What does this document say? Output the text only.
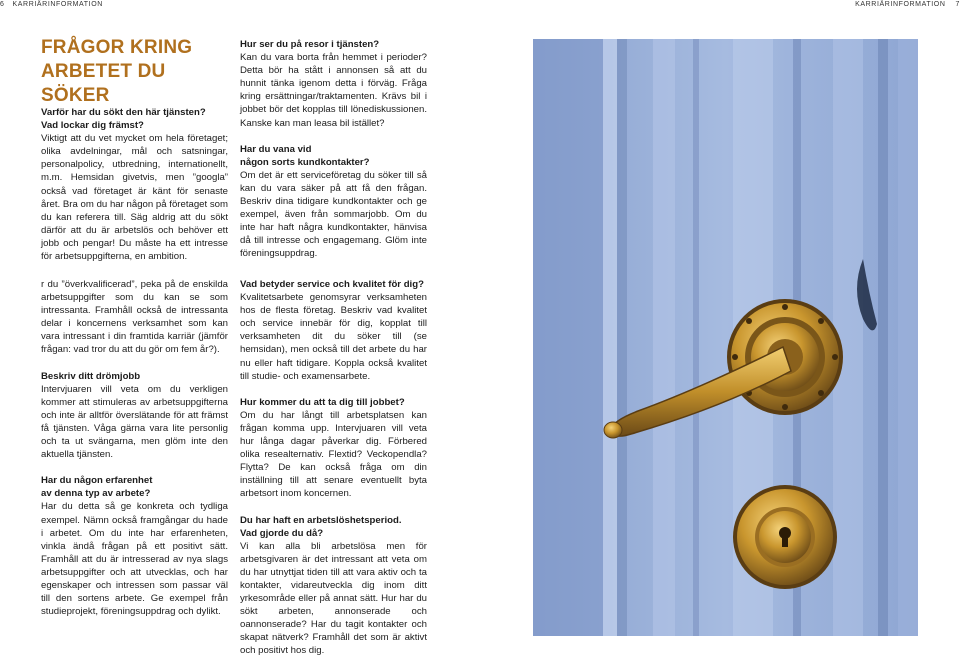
6 KARRIÄRINFORMATION	KARRIÄRINFORMATION 7
FRÅGOR KRING
ARBETET DU SÖKER
Varför har du sökt den här tjänsten?
Vad lockar dig främst?

Viktigt att du vet mycket om hela företaget; olika avdelningar, mål och satsningar, personalpolicy, utbredning, internationellt, m.m. Hemsidan givetvis, men ”googla” också vad företaget är känt för senaste året. Bra om du har någon på företaget som du kan referera till. Säg aldrig att du sökt därför att du är arbetslös och behöver ett jobb och pengar! Du måste ha ett intresse för arbetsuppgifterna, en ambition.

r du ”överkvalificerad”, peka på de enskilda arbetsuppgifter som du kan se som intressanta. Framhåll också de intressanta delar i koncernens verksamhet som kan vara intressant i din framtida karriär (jämför frågan: vad tror du att du gör om fem år?).

Beskriv ditt drömjobb

Intervjuaren vill veta om du verkligen kommer att stimuleras av arbetsuppgifterna och inte är alltför överslätande för att främst få tjänsten. Våga gärna vara lite personlig och ta ut svängarna, men glöm inte den aktuella tjänsten.

Har du någon erfarenhet
av denna typ av arbete?

Har du detta så ge konkreta och tydliga exempel. Nämn också framgångar du hade i arbetet. Om du inte har erfarenheten, vinkla ändå frågan på ett positivt sätt. Framhåll att du är intresserad av nya slags arbetsuppgifter och att utvecklas, och har egenskaper och intressen som passar väl till den sortens arbete. Ge exempel från studieprojekt, föreningsuppdrag och dylikt.

Hur ser du på resor i tjänsten?

Kan du vara borta från hemmet i perioder? Detta bör ha stått i annonsen så att du hunnit tänka igenom detta i förväg. Fråga kring ersättningar/traktamenten. Krävs bil i jobbet bör det kopplas till lönediskussionen. Kanske kan man leasa bil istället?

Har du vana vid
någon sorts kundkontakter?

Om det är ett serviceföretag du söker till så kan du vara säker på att få den frågan. Beskriv dina tidigare kundkontakter och ge exempel, även från sommarjobb. Om du inte har haft några kundkontakter, hänvisa då till intresse och engagemang. Glöm inte föreningsuppdrag.

Vad betyder service och kvalitet för dig?

Kvalitetsarbete genomsyrar verksamheten hos de flesta företag. Beskriv vad kvalitet och service innebär för dig, kopplat till verksamheten dit du söker till (se hemsidan), men också till det arbete du har nu eller haft tidigare. Koppla också kvalitet till studie- och examensarbete.

Hur kommer du att ta dig till jobbet?

Om du har långt till arbetsplatsen kan frågan komma upp. Intervjuaren vill veta hur långa dagar påverkar dig. Förbered olika resealternativ. Flextid? Veckopendla? Flytta? De kan också fråga om din inställning till att senare eventuellt byta arbetsort inom koncernen.

Du har haft en arbetslöshetsperiod.
Vad gjorde du då?

Vi kan alla bli arbetslösa men för arbetsgivaren är det intressant att veta om du har utnyttjat tiden till att vara aktiv och ta kontakter, vidareutveckla dig inom ditt yrkesområde eller på annat sätt. Hur har du sökt arbeten, annonserade och oannonserade? Har du tagit kontakter och skapat nätverk? Framhåll det som är aktivt och positivt hos dig.
